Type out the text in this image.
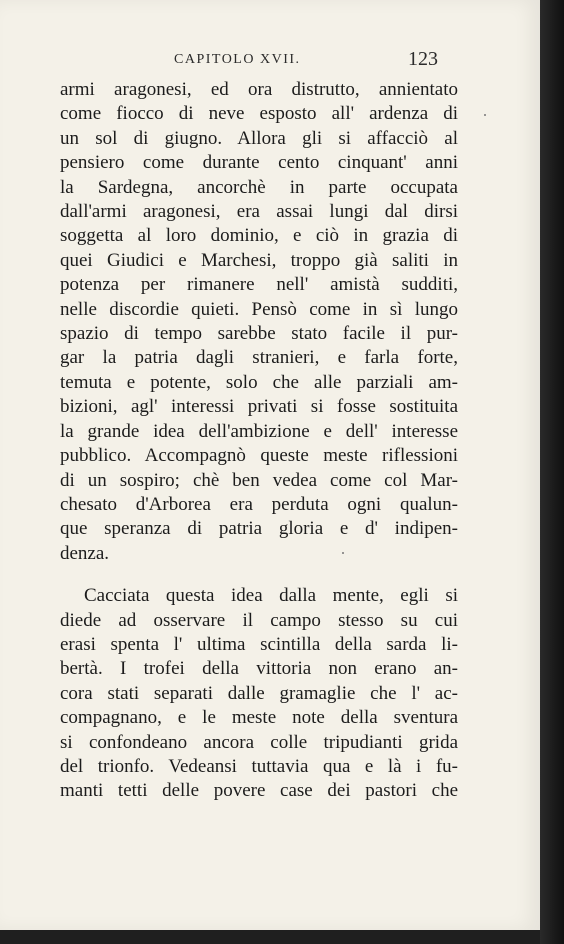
CAPITOLO XVII.	123
armi aragonesi, ed ora distrutto, annientato
come fiocco di neve esposto all' ardenza di
un sol di giugno. Allora gli si affacciò al
pensiero come durante cento cinquant' anni
la Sardegna, ancorchè in parte occupata
dall'armi aragonesi, era assai lungi dal dirsi
soggetta al loro dominio, e ciò in grazia di
quei Giudici e Marchesi, troppo già saliti in
potenza per rimanere nell' amistà sudditi,
nelle discordie quieti. Pensò come in sì lungo
spazio di tempo sarebbe stato facile il pur-
gar la patria dagli stranieri, e farla forte,
temuta e potente, solo che alle parziali am-
bizioni, agl' interessi privati si fosse sostituita
la grande idea dell'ambizione e dell' interesse
pubblico. Accompagnò queste meste riflessioni
di un sospiro; chè ben vedea come col Mar-
chesato d'Arborea era perduta ogni qualun-
que speranza di patria gloria e d' indipen-
denza.
Cacciata questa idea dalla mente, egli si
diede ad osservare il campo stesso su cui
erasi spenta l' ultima scintilla della sarda li-
bertà. I trofei della vittoria non erano an-
cora stati separati dalle gramaglie che l' ac-
compagnano, e le meste note della sventura
si confondeano ancora colle tripudianti grida
del trionfo. Vedeansi tuttavia qua e là i fu-
manti tetti delle povere case dei pastori che
